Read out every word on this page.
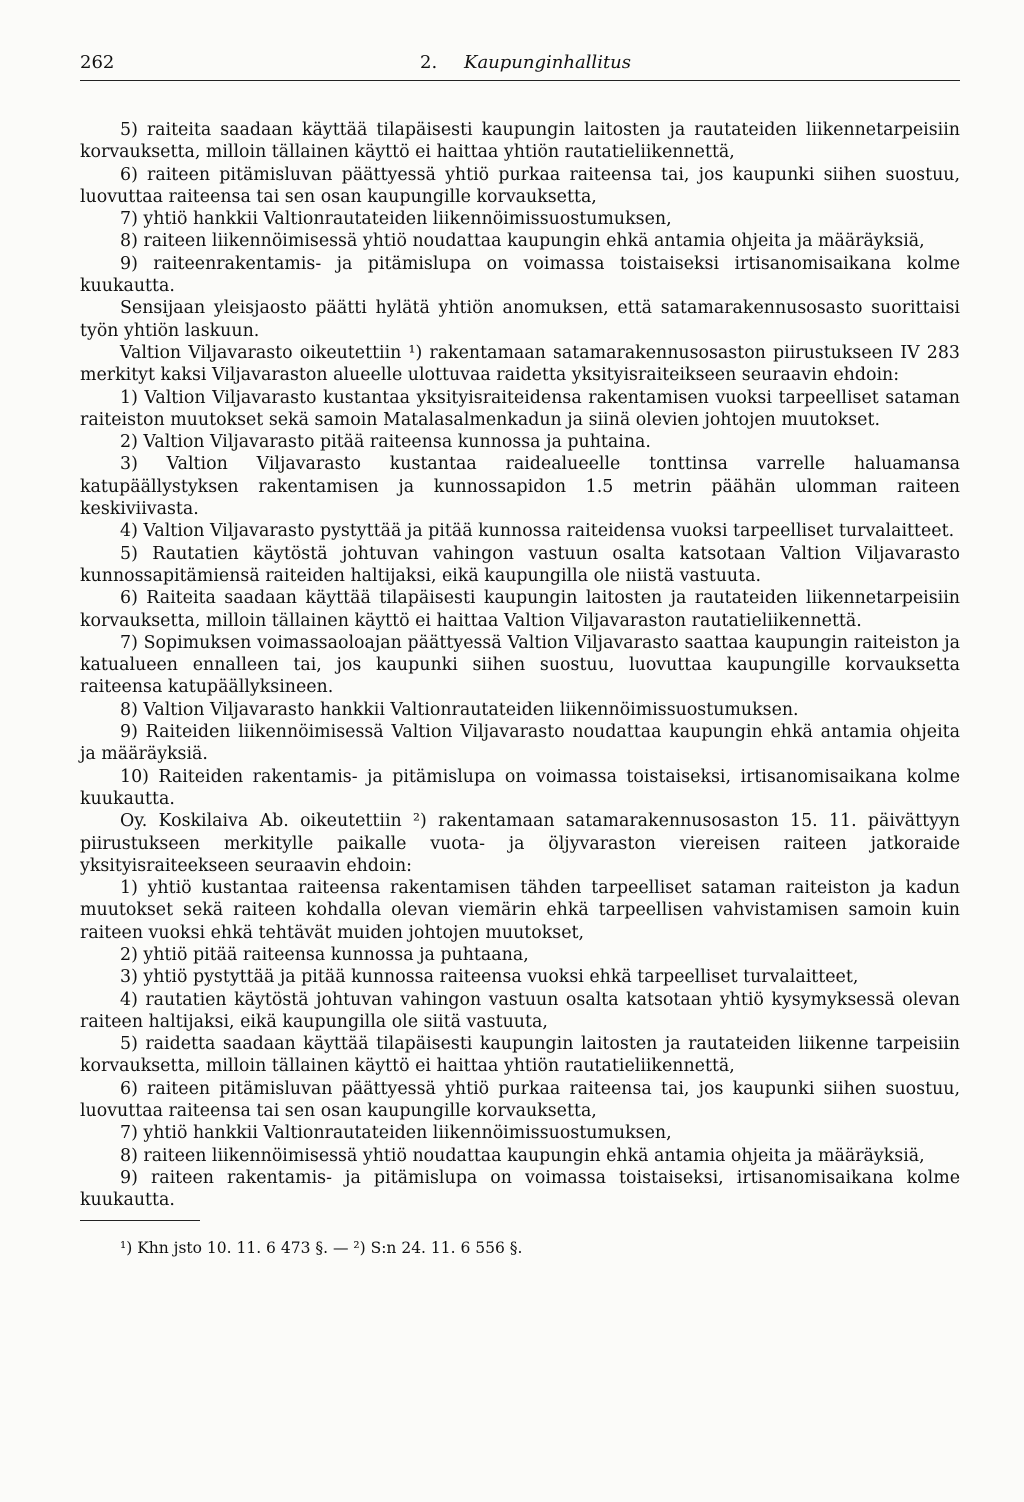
262	2. Kaupunginhallitus

5) raiteita saadaan käyttää tilapäisesti kaupungin laitosten ja rautateiden liikennetarpeisiin korvauksetta, milloin tällainen käyttö ei haittaa yhtiön rautatieliikennettä,

6) raiteen pitämisluvan päättyessä yhtiö purkaa raiteensa tai, jos kaupunki siihen suostuu, luovuttaa raiteensa tai sen osan kaupungille korvauksetta,

7) yhtiö hankkii Valtionrautateiden liikennöimissuostumuksen,

8) raiteen liikennöimisessä yhtiö noudattaa kaupungin ehkä antamia ohjeita ja määräyksiä,

9) raiteenrakentamis- ja pitämislupa on voimassa toistaiseksi irtisanomisaikana kolme kuukautta.

Sensijaan yleisjaosto päätti hylätä yhtiön anomuksen, että satamarakennusosasto suorittaisi työn yhtiön laskuun.

Valtion Viljavarasto oikeutettiin ¹) rakentamaan satamarakennusosaston piirustukseen IV 283 merkityt kaksi Viljavaraston alueelle ulottuvaa raidetta yksityisraiteikseen seuraavin ehdoin:

1) Valtion Viljavarasto kustantaa yksityisraiteidensa rakentamisen vuoksi tarpeelliset sataman raiteiston muutokset sekä samoin Matalasalmenkadun ja siinä olevien johtojen muutokset.

2) Valtion Viljavarasto pitää raiteensa kunnossa ja puhtaina.

3) Valtion Viljavarasto kustantaa raidealueelle tonttinsa varrelle haluamansa katupäällystyksen rakentamisen ja kunnossapidon 1.5 metrin päähän ulomman raiteen keskiviivasta.

4) Valtion Viljavarasto pystyttää ja pitää kunnossa raiteidensa vuoksi tarpeelliset turvalaitteet.

5) Rautatien käytöstä johtuvan vahingon vastuun osalta katsotaan Valtion Viljavarasto kunnossapitämiensä raiteiden haltijaksi, eikä kaupungilla ole niistä vastuuta.

6) Raiteita saadaan käyttää tilapäisesti kaupungin laitosten ja rautateiden liikennetarpeisiin korvauksetta, milloin tällainen käyttö ei haittaa Valtion Viljavaraston rautatieliikennettä.

7) Sopimuksen voimassaoloajan päättyessä Valtion Viljavarasto saattaa kaupungin raiteiston ja katualueen ennalleen tai, jos kaupunki siihen suostuu, luovuttaa kaupungille korvauksetta raiteensa katupäällyksineen.

8) Valtion Viljavarasto hankkii Valtionrautateiden liikennöimissuostumuksen.

9) Raiteiden liikennöimisessä Valtion Viljavarasto noudattaa kaupungin ehkä antamia ohjeita ja määräyksiä.

10) Raiteiden rakentamis- ja pitämislupa on voimassa toistaiseksi, irtisanomisaikana kolme kuukautta.

Oy. Koskilaiva Ab. oikeutettiin ²) rakentamaan satamarakennusosaston 15. 11. päivättyyn piirustukseen merkitylle paikalle vuota- ja öljyvaraston viereisen raiteen jatkoraide yksityisraiteekseen seuraavin ehdoin:

1) yhtiö kustantaa raiteensa rakentamisen tähden tarpeelliset sataman raiteiston ja kadun muutokset sekä raiteen kohdalla olevan viemärin ehkä tarpeellisen vahvistamisen samoin kuin raiteen vuoksi ehkä tehtävät muiden johtojen muutokset,

2) yhtiö pitää raiteensa kunnossa ja puhtaana,

3) yhtiö pystyttää ja pitää kunnossa raiteensa vuoksi ehkä tarpeelliset turvalaitteet,

4) rautatien käytöstä johtuvan vahingon vastuun osalta katsotaan yhtiö kysymyksessä olevan raiteen haltijaksi, eikä kaupungilla ole siitä vastuuta,

5) raidetta saadaan käyttää tilapäisesti kaupungin laitosten ja rautateiden liikenne tarpeisiin korvauksetta, milloin tällainen käyttö ei haittaa yhtiön rautatieliikennettä,

6) raiteen pitämisluvan päättyessä yhtiö purkaa raiteensa tai, jos kaupunki siihen suostuu, luovuttaa raiteensa tai sen osan kaupungille korvauksetta,

7) yhtiö hankkii Valtionrautateiden liikennöimissuostumuksen,

8) raiteen liikennöimisessä yhtiö noudattaa kaupungin ehkä antamia ohjeita ja määräyksiä,

9) raiteen rakentamis- ja pitämislupa on voimassa toistaiseksi, irtisanomisaikana kolme kuukautta.

¹) Khn jsto 10. 11. 6 473 §. — ²) S:n 24. 11. 6 556 §.
